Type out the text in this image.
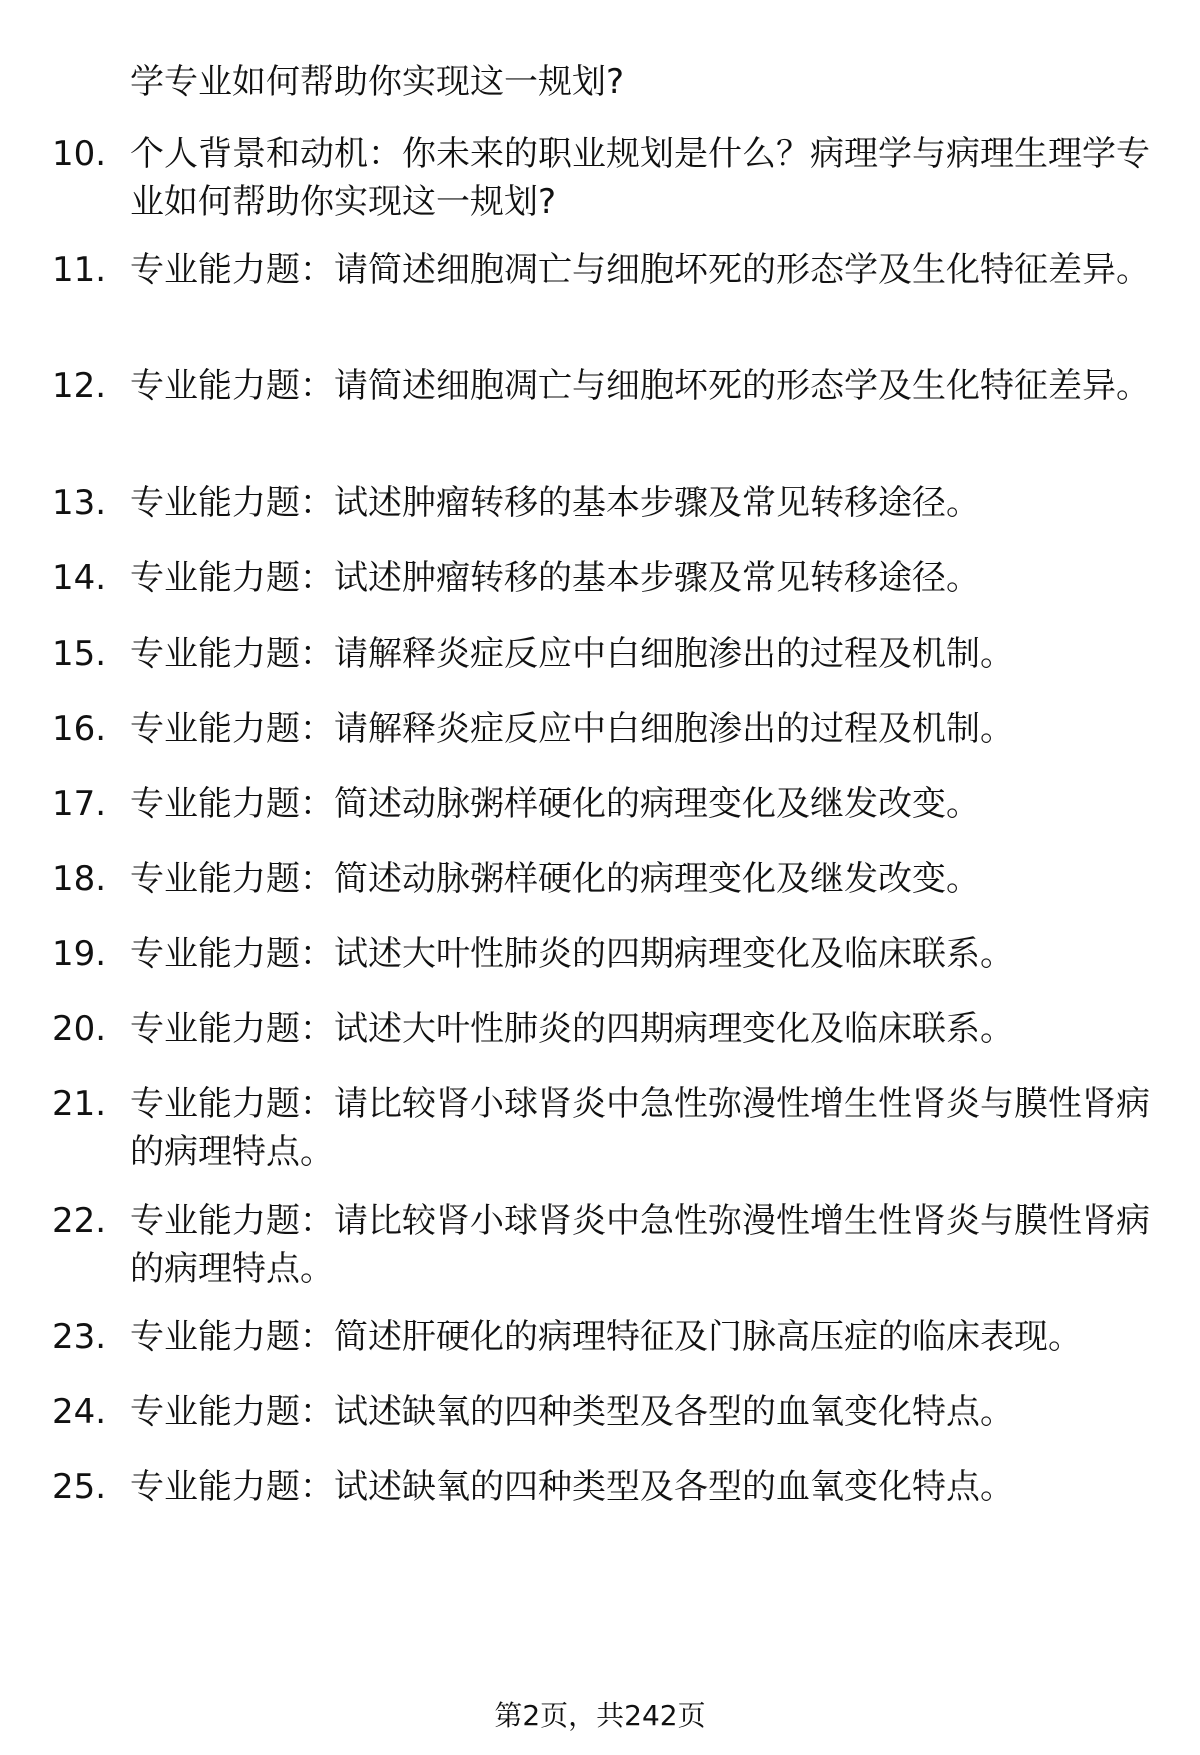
学专业如何帮助你实现这一规划?
10. 个人背景和动机：你未来的职业规划是什么？病理学与病理生理学专业如何帮助你实现这一规划?
11. 专业能力题：请简述细胞凋亡与细胞坏死的形态学及生化特征差异。
12. 专业能力题：请简述细胞凋亡与细胞坏死的形态学及生化特征差异。
13. 专业能力题：试述肿瘤转移的基本步骤及常见转移途径。
14. 专业能力题：试述肿瘤转移的基本步骤及常见转移途径。
15. 专业能力题：请解释炎症反应中白细胞渗出的过程及机制。
16. 专业能力题：请解释炎症反应中白细胞渗出的过程及机制。
17. 专业能力题：简述动脉粥样硬化的病理变化及继发改变。
18. 专业能力题：简述动脉粥样硬化的病理变化及继发改变。
19. 专业能力题：试述大叶性肺炎的四期病理变化及临床联系。
20. 专业能力题：试述大叶性肺炎的四期病理变化及临床联系。
21. 专业能力题：请比较肾小球肾炎中急性弥漫性增生性肾炎与膜性肾病的病理特点。
22. 专业能力题：请比较肾小球肾炎中急性弥漫性增生性肾炎与膜性肾病的病理特点。
23. 专业能力题：简述肝硬化的病理特征及门脉高压症的临床表现。
24. 专业能力题：试述缺氧的四种类型及各型的血氧变化特点。
25. 专业能力题：试述缺氧的四种类型及各型的血氧变化特点。
第2页，共242页
